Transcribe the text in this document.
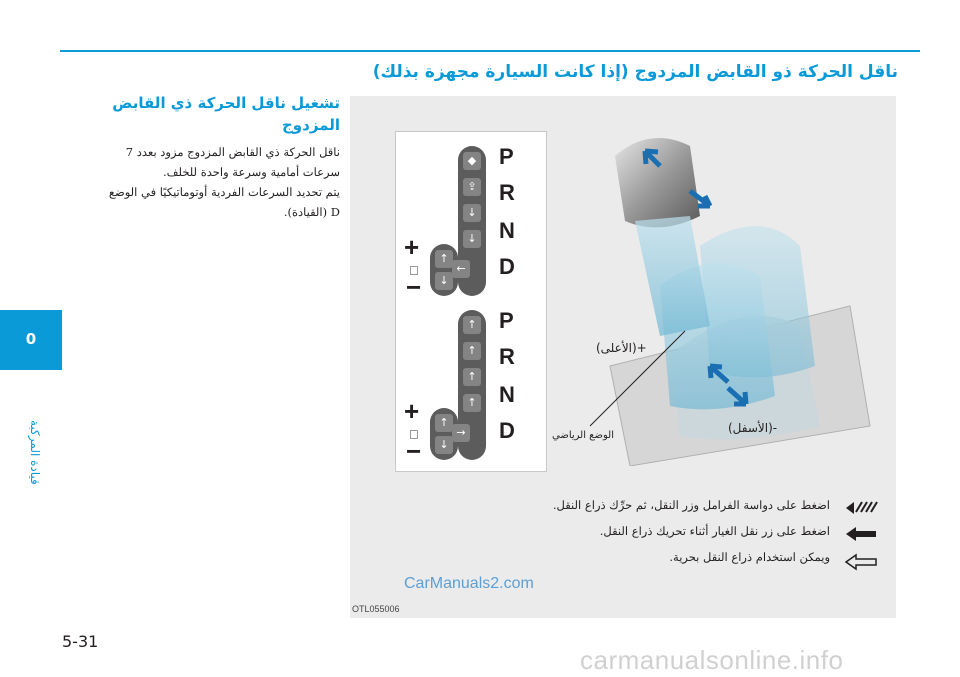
ناقل الحركة ذو القابض المزدوج (إذا كانت السيارة مجهزة بذلك)
تشغيل ناقل الحركة ذي القابض المزدوج
ناقل الحركة ذي القابض المزدوج مزود بعدد 7
سرعات أمامية وسرعة واحدة للخلف.
يتم تحديد السرعات الفردية أوتوماتيكيًا في الوضع
D (القيادة).
0
قيادة المركبة
◆
⇪
↓
↓
↑
←
↓
P
R
N
D
+
−
↑
↑
↑
↑
↑
→
↓
P
R
N
D
+
−
+(الأعلى)
-(الأسفل)
الوضع الرياضي
اضغط على دواسة الفرامل وزر النقل، ثم حرِّك ذراع النقل.
اضغط على زر نقل الغيار أثناء تحريك ذراع النقل.
ويمكن استخدام ذراع النقل بحرية.
CarManuals2.com
OTL055006
5-31
carmanualsonline.info
